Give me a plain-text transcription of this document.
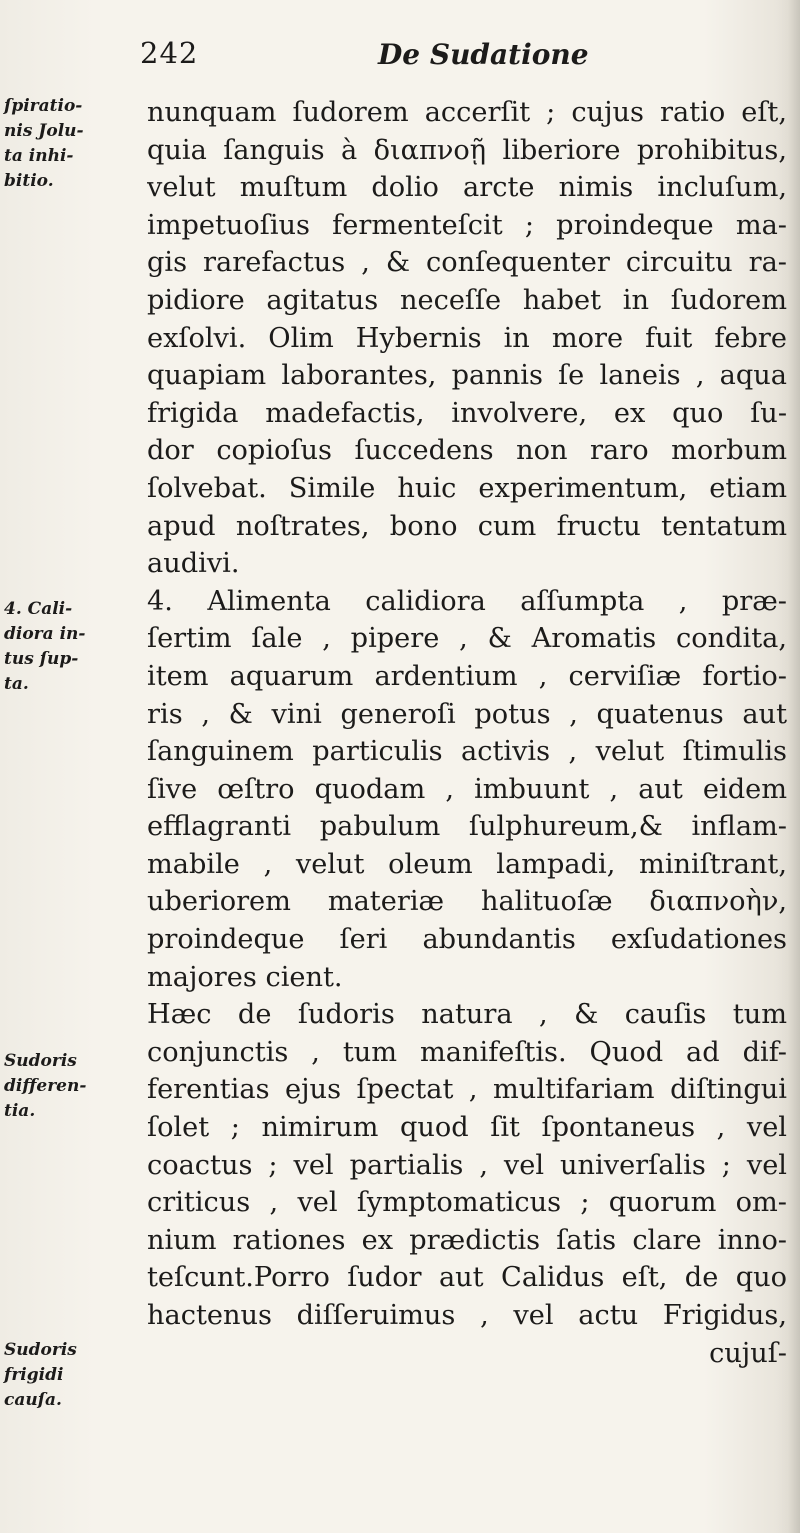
242	De Sudatione
ſpiratio-
nis Jolu-
ta inhi-
bitio.
4. Cali-
diora in-
tus ſup-
ta.
Sudoris
differen-
tia.
Sudoris
frigidi
cauſa.
nunquam ſudorem accerſit ; cujus ratio eſt,
quia ſanguis à διαπνοῇ liberiore prohibitus,
velut muſtum dolio arcte nimis incluſum,
impetuoſius fermenteſcit ; proindeque ma-
gis rarefactus , & conſequenter circuitu ra-
pidiore agitatus neceſſe habet in ſudorem
exſolvi. Olim Hybernis in more fuit febre
quapiam laborantes, pannis ſe laneis , aqua
frigida madefactis, involvere, ex quo ſu-
dor copioſus ſuccedens non raro morbum
ſolvebat. Simile huic experimentum, etiam
apud noſtrates, bono cum fructu tentatum
audivi.
4. Alimenta calidiora aſſumpta , præ-
ſertim ſale , pipere , & Aromatis condita,
item aquarum ardentium , cerviſiæ fortio-
ris , & vini generoſi potus , quatenus aut
ſanguinem particulis activis , velut ſtimulis
ſive œſtro quodam , imbuunt , aut eidem
efflagranti pabulum ſulphureum,& inflam-
mabile , velut oleum lampadi, miniſtrant,
uberiorem materiæ halituoſæ διαπνοὴν,
proindeque ſeri abundantis exſudationes
majores cient.
Hæc de ſudoris natura , & cauſis tum
conjunctis , tum manifeſtis. Quod ad dif-
ferentias ejus ſpectat , multifariam diſtingui
ſolet ; nimirum quod ſit ſpontaneus , vel
coactus ; vel partialis , vel univerſalis ; vel
criticus , vel ſymptomaticus ; quorum om-
nium rationes ex prædictis ſatis clare inno-
teſcunt.Porro ſudor aut Calidus eſt, de quo
hactenus diſſeruimus , vel actu Frigidus,
cujuſ-
